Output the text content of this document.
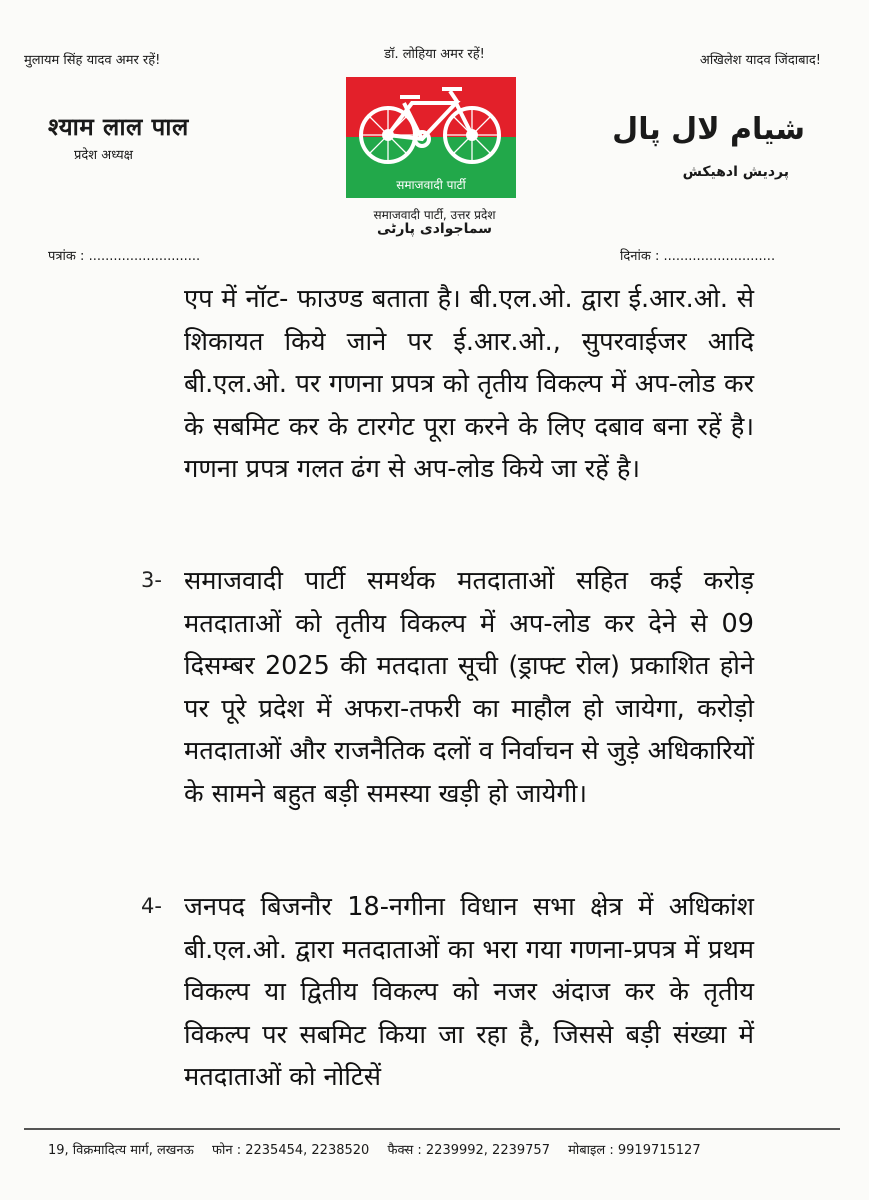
मुलायम सिंह यादव अमर रहें!	डॉ. लोहिया अमर रहें!	अखिलेश यादव जिंदाबाद!
श्याम लाल पाल
प्रदेश अध्यक्ष
شیام لال پال
پردیش ادھیکش
समाजवादी पार्टी
समाजवादी पार्टी, उत्तर प्रदेश
سماجوادی پارٹی
पत्रांक : ...........................	दिनांक : ...........................
एप में नॉट- फाउण्ड बताता है। बी.एल.ओ. द्वारा ई.आर.ओ. से शिकायत किये जाने पर ई.आर.ओ., सुपरवाईजर आदि बी.एल.ओ. पर गणना प्रपत्र को तृतीय विकल्प में अप-लोड कर के सबमिट कर के टारगेट पूरा करने के लिए दबाव बना रहें है। गणना प्रपत्र गलत ढंग से अप-लोड किये जा रहें है।
3- समाजवादी पार्टी समर्थक मतदाताओं सहित कई करोड़ मतदाताओं को तृतीय विकल्प में अप-लोड कर देने से 09 दिसम्बर 2025 की मतदाता सूची (ड्राफ्ट रोल) प्रकाशित होने पर पूरे प्रदेश में अफरा-तफरी का माहौल हो जायेगा, करोड़ो मतदाताओं और राजनैतिक दलों व निर्वाचन से जुड़े अधिकारियों के सामने बहुत बड़ी समस्या खड़ी हो जायेगी।
4- जनपद बिजनौर 18-नगीना विधान सभा क्षेत्र में अधिकांश बी.एल.ओ. द्वारा मतदाताओं का भरा गया गणना-प्रपत्र में प्रथम विकल्प या द्वितीय विकल्प को नजर अंदाज कर के तृतीय विकल्प पर सबमिट किया जा रहा है, जिससे बड़ी संख्या में मतदाताओं को नोटिसें
19, विक्रमादित्य मार्ग, लखनऊ फोन : 2235454, 2238520 फैक्स : 2239992, 2239757 मोबाइल : 9919715127
